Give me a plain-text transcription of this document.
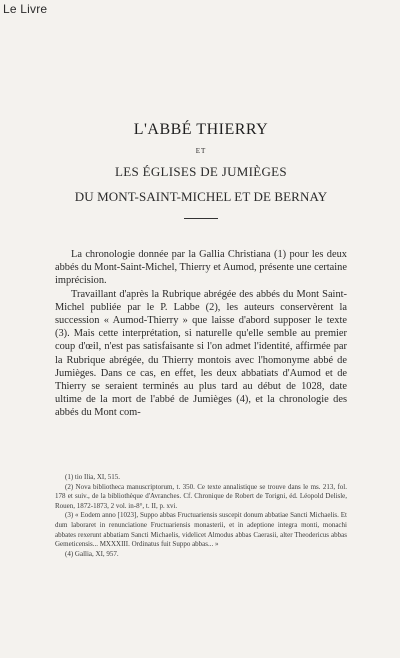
Le Livre
L'ABBÉ THIERRY
ET
LES ÉGLISES DE JUMIÈGES
DU MONT-SAINT-MICHEL ET DE BERNAY

La chronologie donnée par la Gallia Christiana (1) pour les deux abbés du Mont-Saint-Michel, Thierry et Aumod, présente une certaine imprécision.

Travaillant d'après la Rubrique abrégée des abbés du Mont Saint-Michel publiée par le P. Labbe (2), les auteurs conservèrent la succession « Aumod-Thierry » que laisse d'abord supposer le texte (3). Mais cette interprétation, si naturelle qu'elle semble au premier coup d'œil, n'est pas satisfaisante si l'on admet l'identité, affirmée par la Rubrique abrégée, du Thierry montois avec l'homonyme abbé de Jumièges. Dans ce cas, en effet, les deux abbatiats d'Aumod et de Thierry se seraient terminés au plus tard au début de 1028, date ultime de la mort de l'abbé de Jumièges (4), et la chronologie des abbés du Mont com-

(1) tio Ilia, XI, 515.

(2) Nova bibliotheca manuscriptorum, t. 350. Ce texte annalistique se trouve dans le ms. 213, fol. 178 et suiv., de la bibliothèque d'Avranches. Cf. Chronique de Robert de Torigni, éd. Léopold Delisle, Rouen, 1872-1873, 2 vol. in-8°, t. II, p. xvi.

(3) « Eodem anno [1023], Suppo abbas Fructuariensis suscepit donum abbatiae Sancti Michaelis. Et dum laboraret in renunciatione Fructuariensis monasterii, et in adeptione integra monti, monachi abbates rexerunt abbatiam Sancti Michaelis, videlicet Almodus abbas Caerasii, alter Theodericus abbas Gemeticensis... MXXXIII. Ordinatus fuit Suppo abbas... »

(4) Gallia, XI, 957.
